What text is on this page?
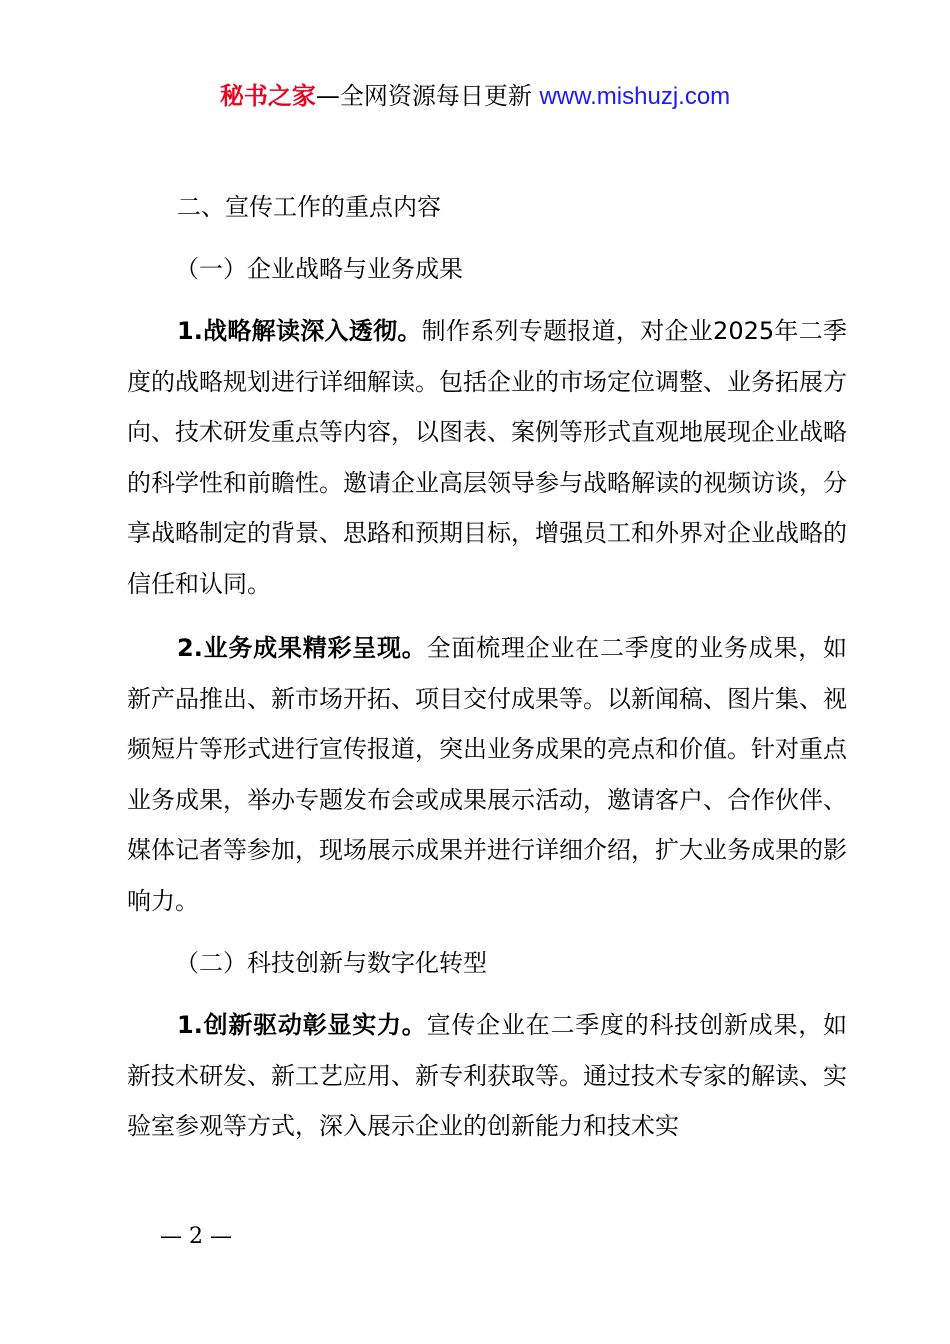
秘书之家—全网资源每日更新 www.mishuzj.com

二、宣传工作的重点内容

（一）企业战略与业务成果

1.战略解读深入透彻。制作系列专题报道，对企业2025年二季度的战略规划进行详细解读。包括企业的市场定位调整、业务拓展方向、技术研发重点等内容，以图表、案例等形式直观地展现企业战略的科学性和前瞻性。邀请企业高层领导参与战略解读的视频访谈，分享战略制定的背景、思路和预期目标，增强员工和外界对企业战略的信任和认同。

2.业务成果精彩呈现。全面梳理企业在二季度的业务成果，如新产品推出、新市场开拓、项目交付成果等。以新闻稿、图片集、视频短片等形式进行宣传报道，突出业务成果的亮点和价值。针对重点业务成果，举办专题发布会或成果展示活动，邀请客户、合作伙伴、媒体记者等参加，现场展示成果并进行详细介绍，扩大业务成果的影响力。

（二）科技创新与数字化转型

1.创新驱动彰显实力。宣传企业在二季度的科技创新成果，如新技术研发、新工艺应用、新专利获取等。通过技术专家的解读、实验室参观等方式，深入展示企业的创新能力和技术实

— 2 —
